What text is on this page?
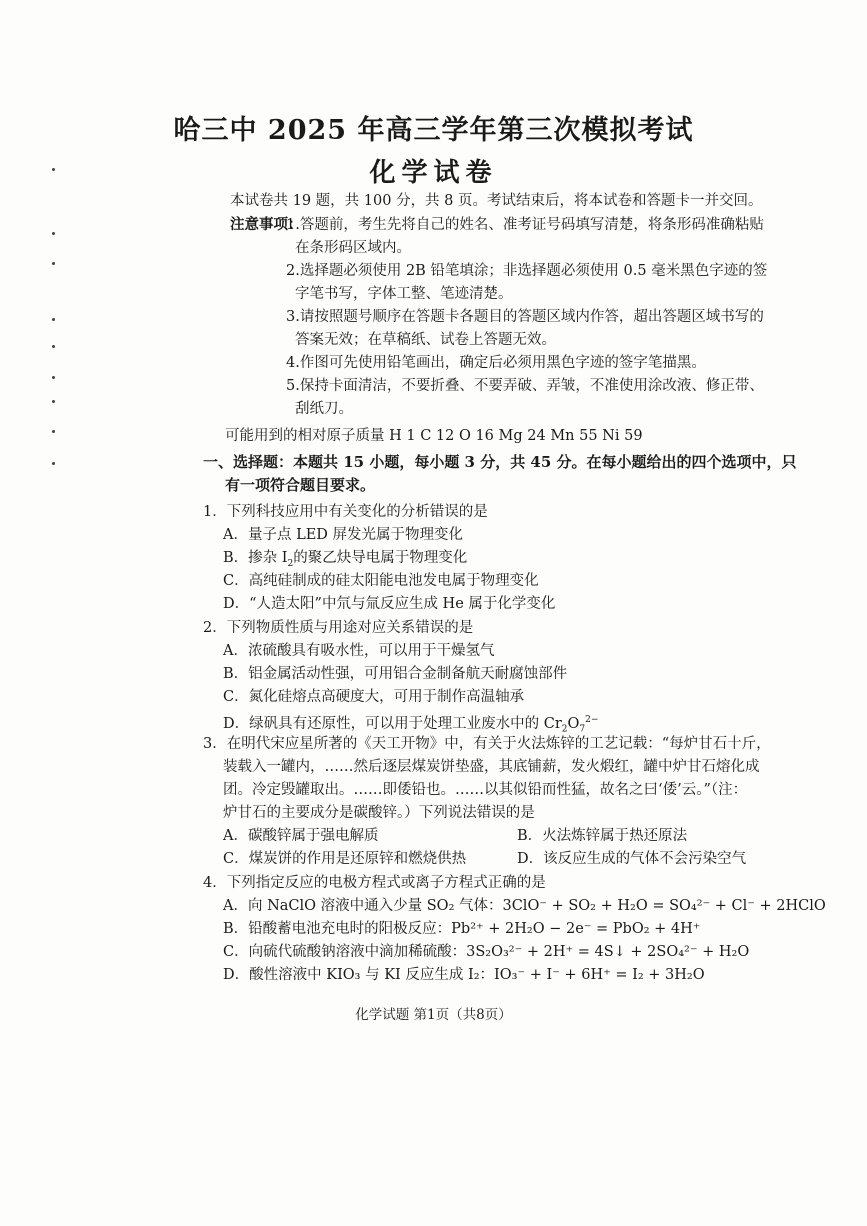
哈三中 2025 年高三学年第三次模拟考试
化学试卷
本试卷共 19 题，共 100 分，共 8 页。考试结束后，将本试卷和答题卡一并交回。
注意事项：
1.答题前，考生先将自己的姓名、准考证号码填写清楚，将条形码准确粘贴
在条形码区域内。
2.选择题必须使用 2B 铅笔填涂；非选择题必须使用 0.5 毫米黑色字迹的签
字笔书写，字体工整、笔迹清楚。
3.请按照题号顺序在答题卡各题目的答题区域内作答，超出答题区域书写的
答案无效；在草稿纸、试卷上答题无效。
4.作图可先使用铅笔画出，确定后必须用黑色字迹的签字笔描黑。
5.保持卡面清洁，不要折叠、不要弄破、弄皱，不准使用涂改液、修正带、
刮纸刀。
可能用到的相对原子质量 H 1 C 12 O 16 Mg 24 Mn 55 Ni 59
一、选择题：本题共 15 小题，每小题 3 分，共 45 分。在每小题给出的四个选项中，只
有一项符合题目要求。
1．下列科技应用中有关变化的分析错误的是
A．量子点 LED 屏发光属于物理变化
B．掺杂 $I_2$的聚乙炔导电属于物理变化
C．高纯硅制成的硅太阳能电池发电属于物理变化
D．“人造太阳”中氘与氚反应生成 He 属于化学变化
2．下列物质性质与用途对应关系错误的是
A．浓硫酸具有吸水性，可以用于干燥氢气
B．铝金属活动性强，可用铝合金制备航天耐腐蚀部件
C．氮化硅熔点高硬度大，可用于制作高温轴承
D．绿矾具有还原性，可以用于处理工业废水中的 $Cr_2O_7^{2-}$
3．在明代宋应星所著的《天工开物》中，有关于火法炼锌的工艺记载：“每炉甘石十斤，
装载入一罐内，……然后逐层煤炭饼垫盛，其底铺薪，发火煅红，罐中炉甘石熔化成
团。冷定毁罐取出。……即倭铅也。……以其似铅而性猛，故名之曰‘倭’云。”（注：
炉甘石的主要成分是碳酸锌。）下列说法错误的是
A．碳酸锌属于强电解质	B．火法炼锌属于热还原法
C．煤炭饼的作用是还原锌和燃烧供热	D．该反应生成的气体不会污染空气
4．下列指定反应的电极方程式或离子方程式正确的是
A．向 NaClO 溶液中通入少量 SO₂ 气体：3ClO⁻ + SO₂ + H₂O = SO₄²⁻ + Cl⁻ + 2HClO
B．铅酸蓄电池充电时的阳极反应：Pb²⁺ + 2H₂O − 2e⁻ = PbO₂ + 4H⁺
C．向硫代硫酸钠溶液中滴加稀硫酸：3S₂O₃²⁻ + 2H⁺ = 4S↓ + 2SO₄²⁻ + H₂O
D．酸性溶液中 KIO₃ 与 KI 反应生成 I₂：IO₃⁻ + I⁻ + 6H⁺ = I₂ + 3H₂O
化学试题 第1页（共8页）
